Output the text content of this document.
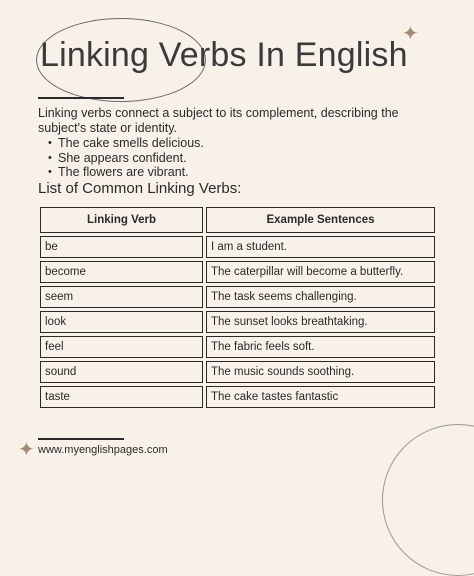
Linking Verbs In English
✦

Linking verbs connect a subject to its complement, describing the subject's state or identity.

• The cake smells delicious.
• She appears confident.
• The flowers are vibrant.
List of Common Linking Verbs:
Linking Verb	Example Sentences
be	I am a student.
become	The caterpillar will become a butterfly.
seem	The task seems challenging.
look	The sunset looks breathtaking.
feel	The fabric feels soft.
sound	The music sounds soothing.
taste	The cake tastes fantastic
✦ www.myenglishpages.com
